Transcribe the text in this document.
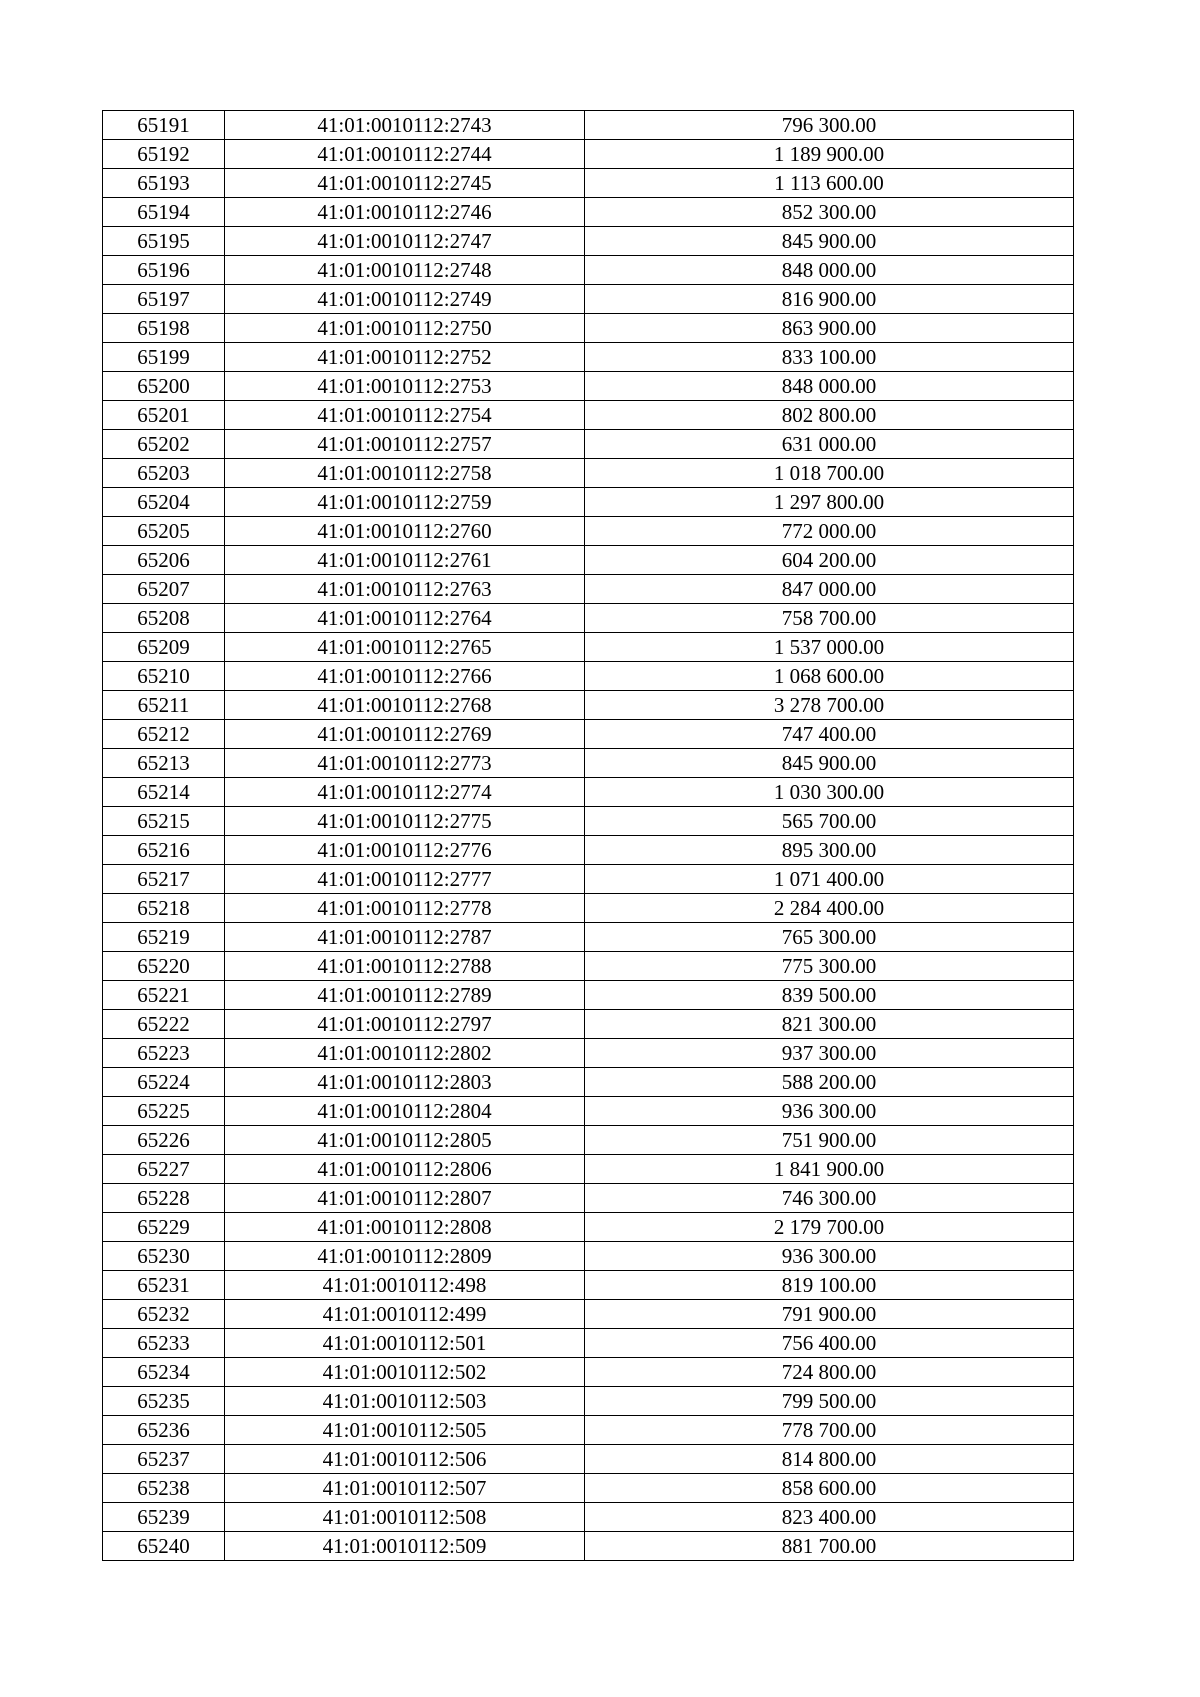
65191	41:01:0010112:2743	796 300.00
65192	41:01:0010112:2744	1 189 900.00
65193	41:01:0010112:2745	1 113 600.00
65194	41:01:0010112:2746	852 300.00
65195	41:01:0010112:2747	845 900.00
65196	41:01:0010112:2748	848 000.00
65197	41:01:0010112:2749	816 900.00
65198	41:01:0010112:2750	863 900.00
65199	41:01:0010112:2752	833 100.00
65200	41:01:0010112:2753	848 000.00
65201	41:01:0010112:2754	802 800.00
65202	41:01:0010112:2757	631 000.00
65203	41:01:0010112:2758	1 018 700.00
65204	41:01:0010112:2759	1 297 800.00
65205	41:01:0010112:2760	772 000.00
65206	41:01:0010112:2761	604 200.00
65207	41:01:0010112:2763	847 000.00
65208	41:01:0010112:2764	758 700.00
65209	41:01:0010112:2765	1 537 000.00
65210	41:01:0010112:2766	1 068 600.00
65211	41:01:0010112:2768	3 278 700.00
65212	41:01:0010112:2769	747 400.00
65213	41:01:0010112:2773	845 900.00
65214	41:01:0010112:2774	1 030 300.00
65215	41:01:0010112:2775	565 700.00
65216	41:01:0010112:2776	895 300.00
65217	41:01:0010112:2777	1 071 400.00
65218	41:01:0010112:2778	2 284 400.00
65219	41:01:0010112:2787	765 300.00
65220	41:01:0010112:2788	775 300.00
65221	41:01:0010112:2789	839 500.00
65222	41:01:0010112:2797	821 300.00
65223	41:01:0010112:2802	937 300.00
65224	41:01:0010112:2803	588 200.00
65225	41:01:0010112:2804	936 300.00
65226	41:01:0010112:2805	751 900.00
65227	41:01:0010112:2806	1 841 900.00
65228	41:01:0010112:2807	746 300.00
65229	41:01:0010112:2808	2 179 700.00
65230	41:01:0010112:2809	936 300.00
65231	41:01:0010112:498	819 100.00
65232	41:01:0010112:499	791 900.00
65233	41:01:0010112:501	756 400.00
65234	41:01:0010112:502	724 800.00
65235	41:01:0010112:503	799 500.00
65236	41:01:0010112:505	778 700.00
65237	41:01:0010112:506	814 800.00
65238	41:01:0010112:507	858 600.00
65239	41:01:0010112:508	823 400.00
65240	41:01:0010112:509	881 700.00
